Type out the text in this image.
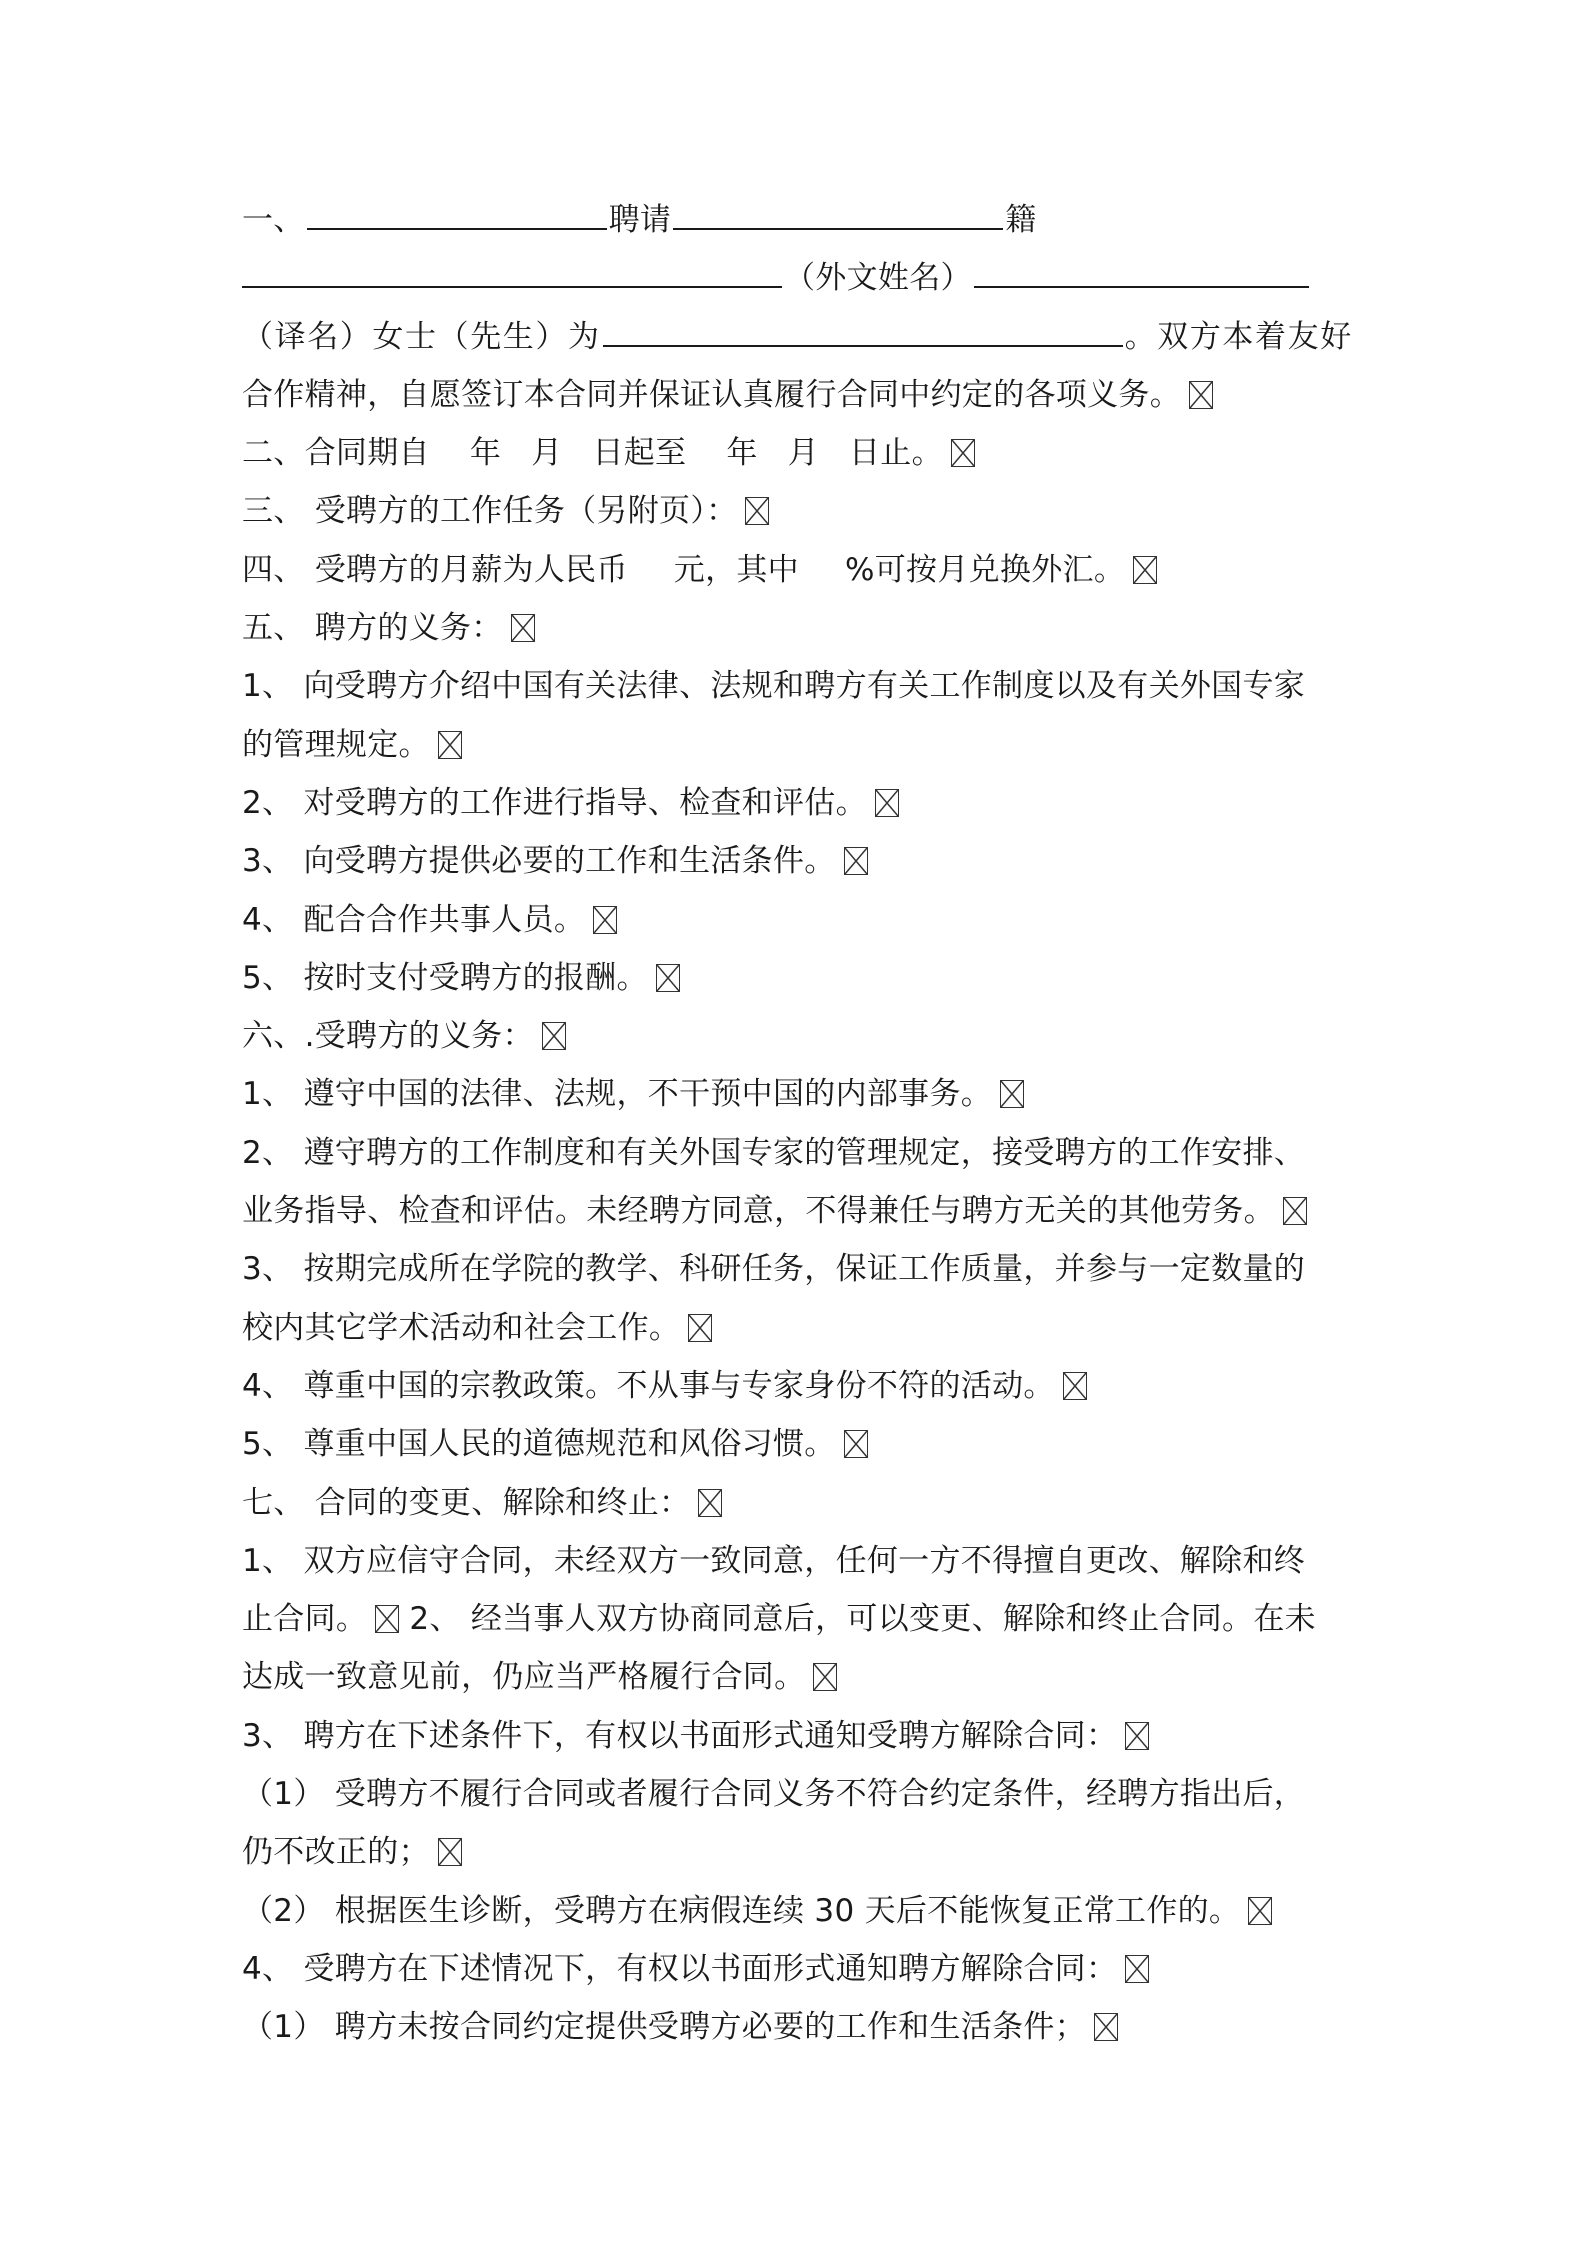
一、	聘请	籍
（外文姓名）
（译名）女士（先生）为	。双方本着友好
合作精神，自愿签订本合同并保证认真履行合同中约定的各项义务。
二、合同期自 年 月 日起至 年 月 日止。
三、 受聘方的工作任务（另附页）：
四、 受聘方的月薪为人民币 元，其中 %可按月兑换外汇。
五、 聘方的义务：
1、 向受聘方介绍中国有关法律、法规和聘方有关工作制度以及有关外国专家
的管理规定。
2、 对受聘方的工作进行指导、检查和评估。
3、 向受聘方提供必要的工作和生活条件。
4、 配合合作共事人员。
5、 按时支付受聘方的报酬。
六、.受聘方的义务：
1、 遵守中国的法律、法规，不干预中国的内部事务。
2、 遵守聘方的工作制度和有关外国专家的管理规定，接受聘方的工作安排、
业务指导、检查和评估。未经聘方同意，不得兼任与聘方无关的其他劳务。
3、 按期完成所在学院的教学、科研任务，保证工作质量，并参与一定数量的
校内其它学术活动和社会工作。
4、 尊重中国的宗教政策。不从事与专家身份不符的活动。
5、 尊重中国人民的道德规范和风俗习惯。
七、 合同的变更、解除和终止：
1、 双方应信守合同，未经双方一致同意，任何一方不得擅自更改、解除和终
止合同。 2、 经当事人双方协商同意后，可以变更、解除和终止合同。在未
达成一致意见前，仍应当严格履行合同。
3、 聘方在下述条件下，有权以书面形式通知受聘方解除合同：
（1） 受聘方不履行合同或者履行合同义务不符合约定条件，经聘方指出后，
仍不改正的；
（2） 根据医生诊断，受聘方在病假连续 30 天后不能恢复正常工作的。
4、 受聘方在下述情况下，有权以书面形式通知聘方解除合同：
（1） 聘方未按合同约定提供受聘方必要的工作和生活条件；
